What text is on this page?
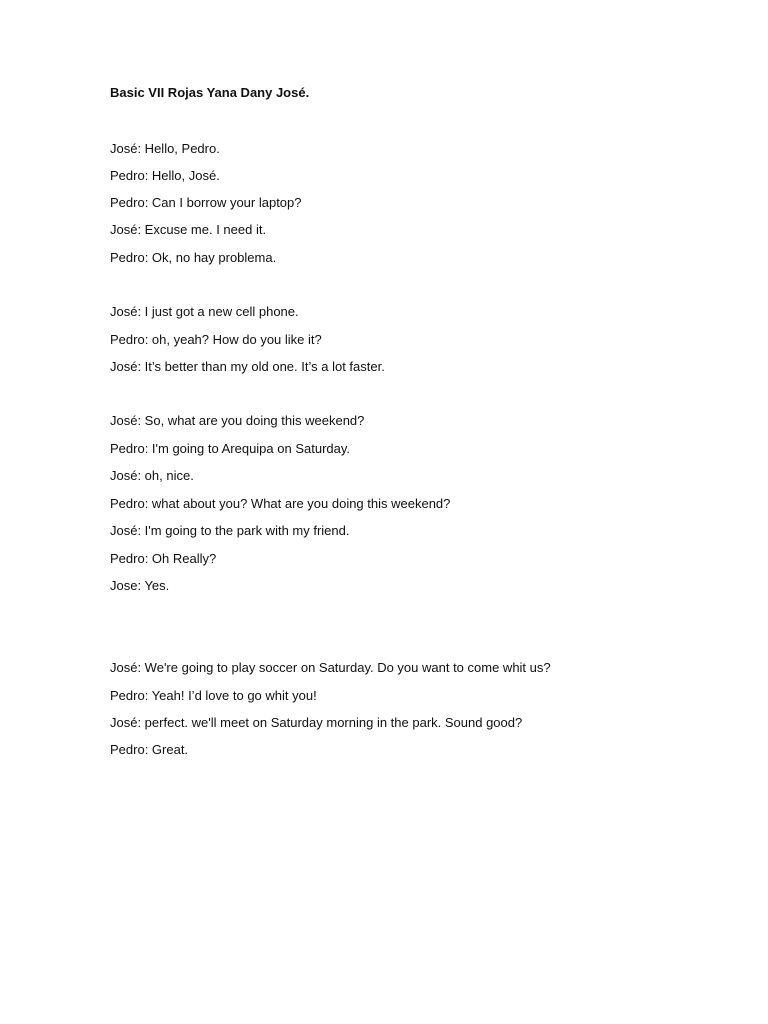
Basic VII Rojas Yana Dany José.
José: Hello, Pedro.
Pedro: Hello, José.
Pedro: Can I borrow your laptop?
José: Excuse me. I need it.
Pedro: Ok, no hay problema.
José: I just got a new cell phone.
Pedro: oh, yeah? How do you like it?
José: It’s better than my old one. It’s a lot faster.
José: So, what are you doing this weekend?
Pedro: I'm going to Arequipa on Saturday.
José: oh, nice.
Pedro: what about you? What are you doing this weekend?
José: I'm going to the park with my friend.
Pedro: Oh Really?
Jose: Yes.
José: We're going to play soccer on Saturday. Do you want to come whit us?
Pedro: Yeah! I’d love to go whit you!
José: perfect. we'll meet on Saturday morning in the park. Sound good?
Pedro: Great.
